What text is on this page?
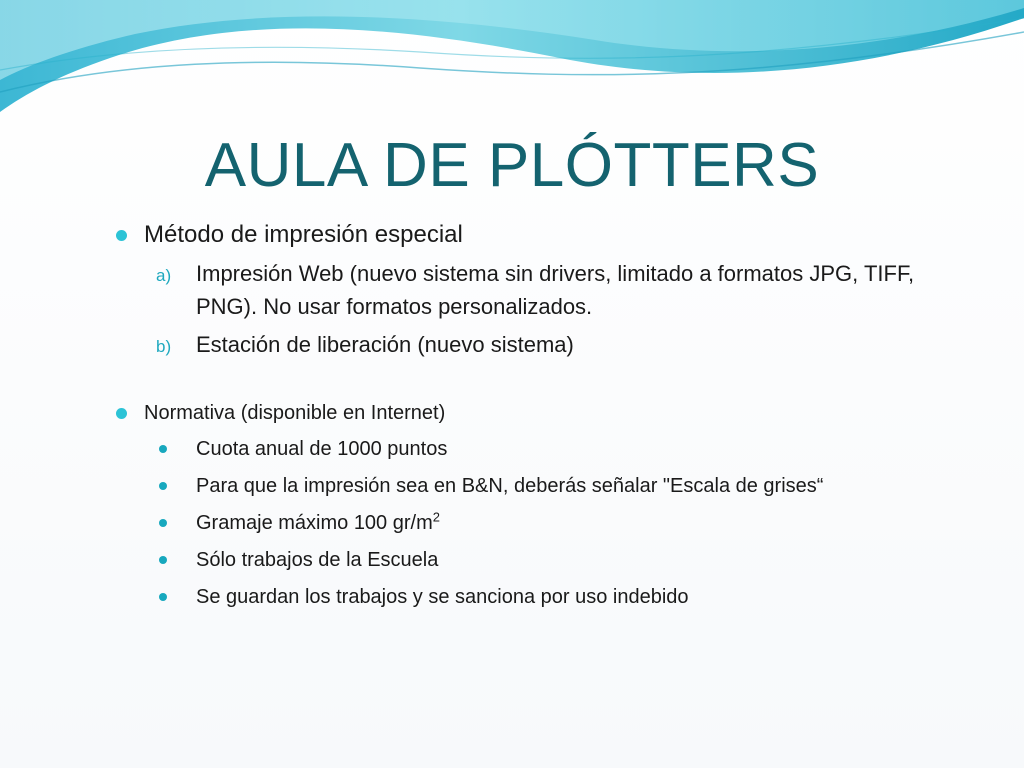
AULA DE PLÓTTERS
Método de impresión especial
a) Impresión Web (nuevo sistema sin drivers, limitado a formatos JPG, TIFF, PNG). No usar formatos personalizados.
b) Estación de liberación (nuevo sistema)
Normativa (disponible en Internet)
Cuota anual de 1000 puntos
Para que la impresión sea en B&N, deberás señalar "Escala de grises“
Gramaje máximo 100 $gr/m^2$
Sólo trabajos de la Escuela
Se guardan los trabajos y se sanciona por uso indebido
